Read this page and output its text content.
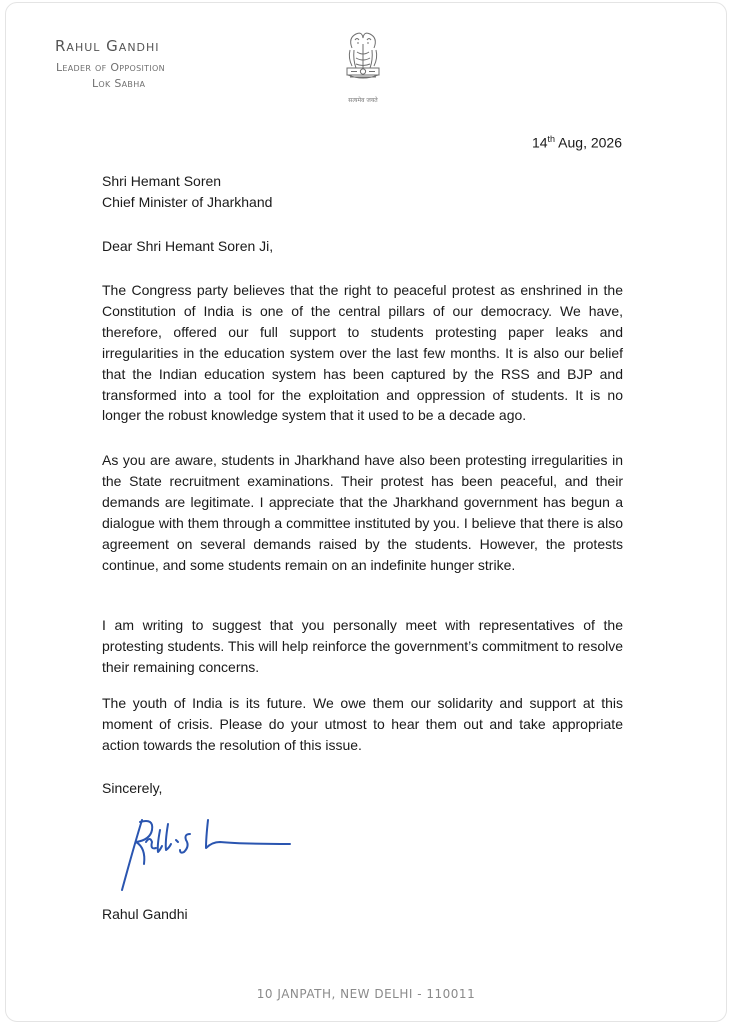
Rahul Gandhi
Leader of Opposition
Lok Sabha
सत्यमेव जयते
14th Aug, 2026
Shri Hemant Soren
Chief Minister of Jharkhand
Dear Shri Hemant Soren Ji,
The Congress party believes that the right to peaceful protest as enshrined in the Constitution of India is one of the central pillars of our democracy. We have, therefore, offered our full support to students protesting paper leaks and irregularities in the education system over the last few months. It is also our belief that the Indian education system has been captured by the RSS and BJP and transformed into a tool for the exploitation and oppression of students. It is no longer the robust knowledge system that it used to be a decade ago.
As you are aware, students in Jharkhand have also been protesting irregularities in the State recruitment examinations. Their protest has been peaceful, and their demands are legitimate. I appreciate that the Jharkhand government has begun a dialogue with them through a committee instituted by you. I believe that there is also agreement on several demands raised by the students. However, the protests continue, and some students remain on an indefinite hunger strike.
I am writing to suggest that you personally meet with representatives of the protesting students. This will help reinforce the government’s commitment to resolve their remaining concerns.
The youth of India is its future. We owe them our solidarity and support at this moment of crisis. Please do your utmost to hear them out and take appropriate action towards the resolution of this issue.
Sincerely,
Rahul Gandhi
10 JANPATH, NEW DELHI - 110011
